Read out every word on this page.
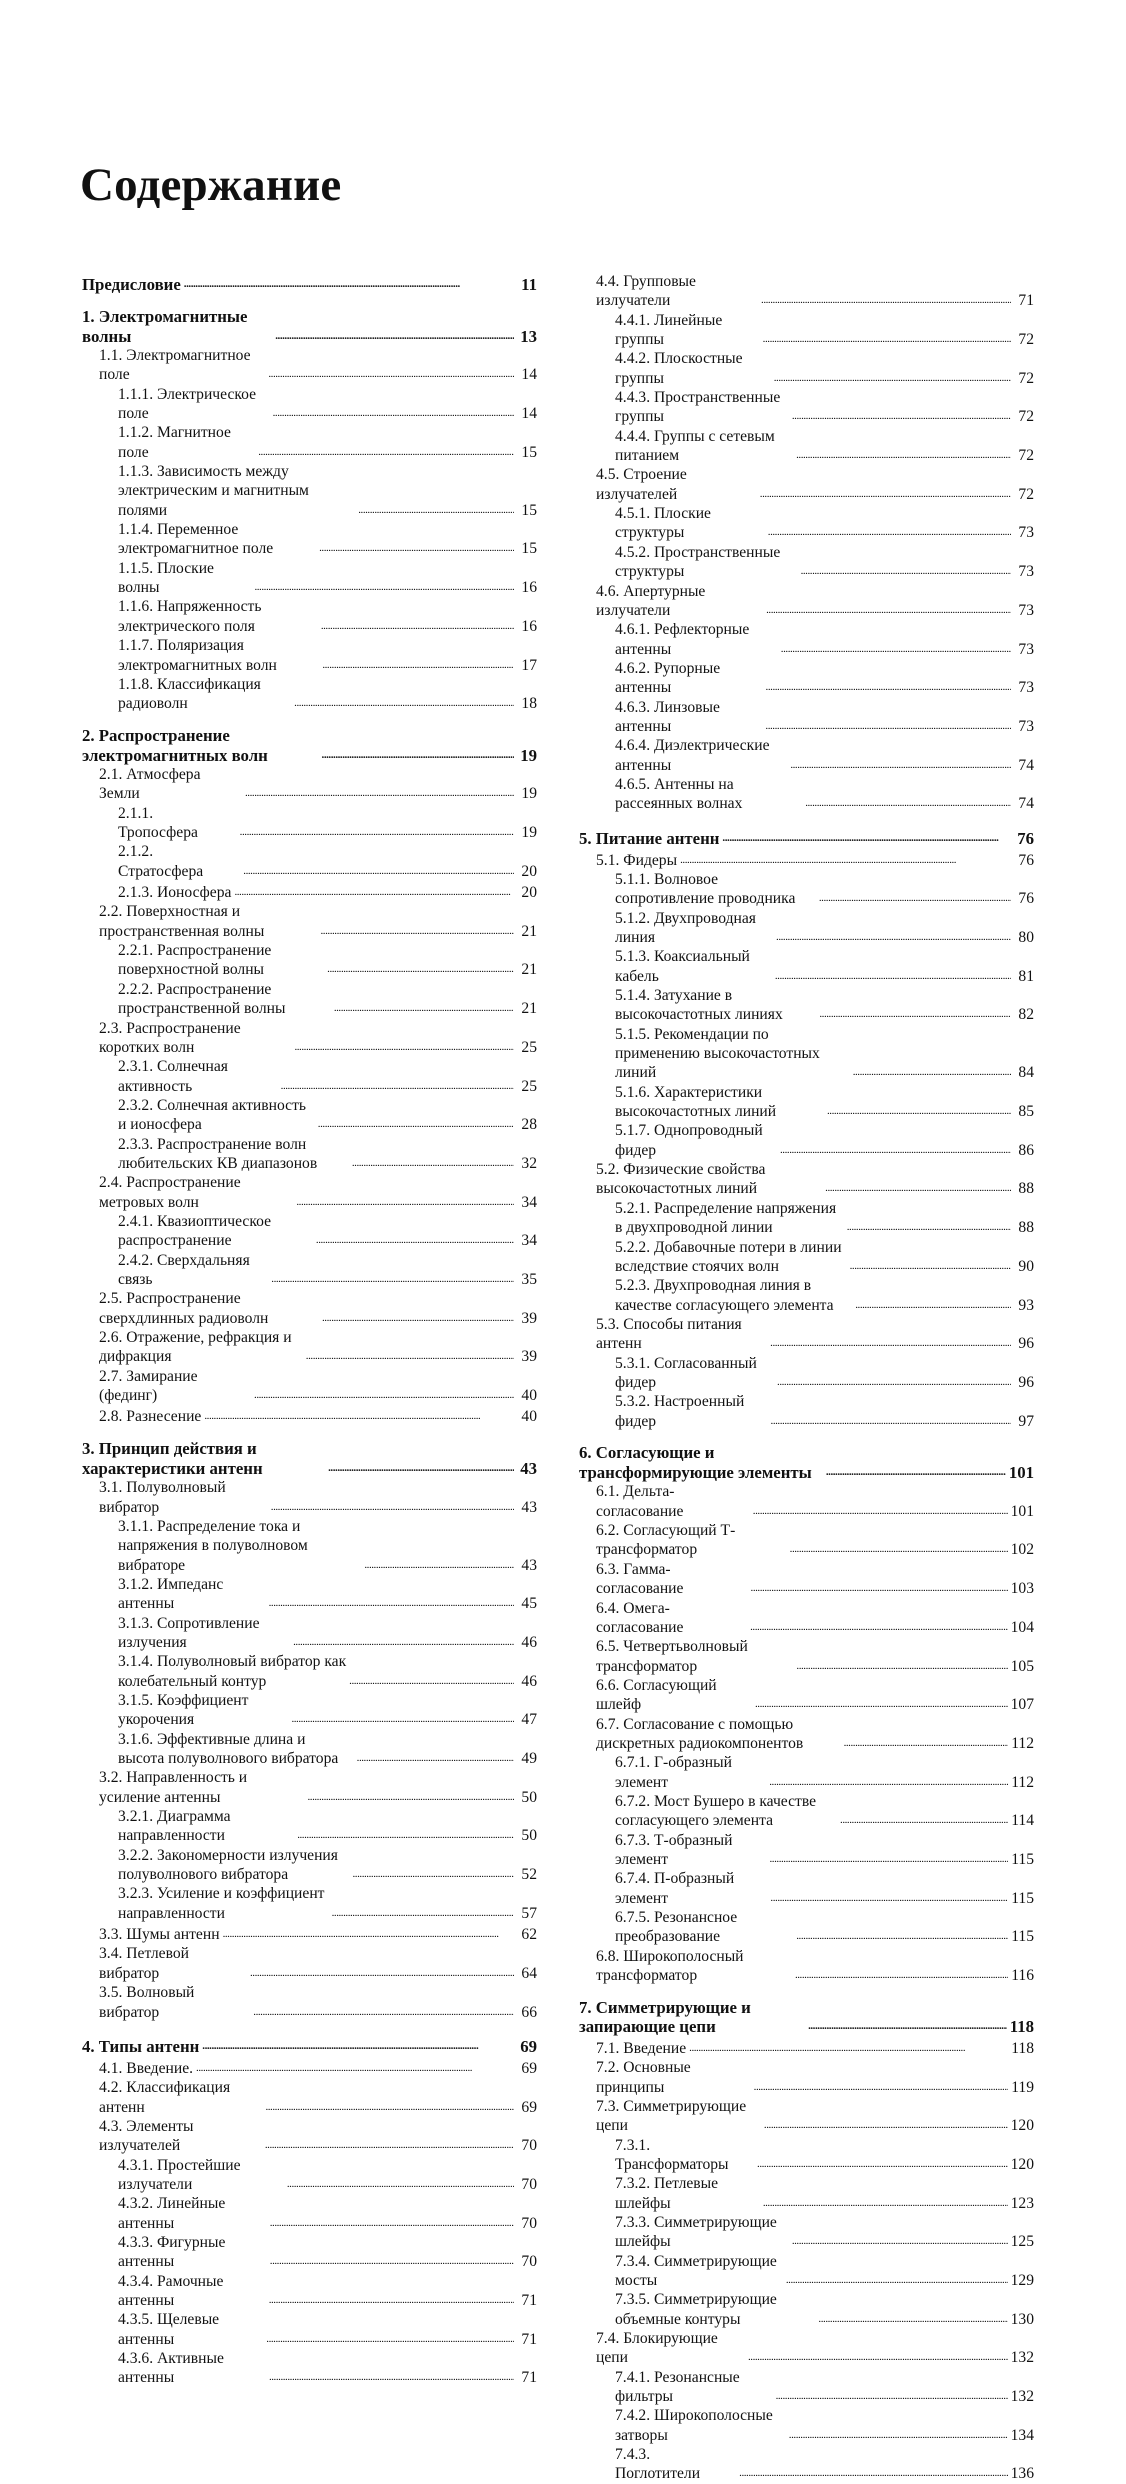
Содержание
Предисловие . . .	11
1. Электромагнитные волны . . .	13
1.1. Электромагнитное поле . . .	14
1.1.1. Электрическое поле . . .	14
1.1.2. Магнитное поле . . .	15
1.1.3. Зависимость между электрическим и магнитным полями . . .	15
1.1.4. Переменное электромагнитное поле . . .	15
1.1.5. Плоские волны . . .	16
1.1.6. Напряженность электрического поля . . .	16
1.1.7. Поляризация электромагнитных волн . . .	17
1.1.8. Классификация радиоволн . . .	18
2. Распространение электромагнитных волн . . .	19
2.1. Атмосфера Земли . . .	19
2.1.1. Тропосфера . . .	19
2.1.2. Стратосфера . . .	20
2.1.3. Ионосфера . . .	20
2.2. Поверхностная и пространственная волны . . .	21
2.2.1. Распространение поверхностной волны . . .	21
2.2.2. Распространение пространственной волны . . .	21
2.3. Распространение коротких волн . . .	25
2.3.1. Солнечная активность . . .	25
2.3.2. Солнечная активность и ионосфера . . .	28
2.3.3. Распространение волн любительских КВ диапазонов . . .	32
2.4. Распространение метровых волн . . .	34
2.4.1. Квазиоптическое распространение . . .	34
2.4.2. Сверхдальняя связь . . .	35
2.5. Распространение сверхдлинных радиоволн . . .	39
2.6. Отражение, рефракция и дифракция . . .	39
2.7. Замирание (фединг) . . .	40
2.8. Разнесение . . .	40
3. Принцип действия и характеристики антенн . . .	43
3.1. Полуволновый вибратор . . .	43
3.1.1. Распределение тока и напряжения в полуволновом вибраторе . . .	43
3.1.2. Импеданс антенны . . .	45
3.1.3. Сопротивление излучения . . .	46
3.1.4. Полуволновый вибратор как колебательный контур . . .	46
3.1.5. Коэффициент укорочения . . .	47
3.1.6. Эффективные длина и высота полуволнового вибратора . . .	49
3.2. Направленность и усиление антенны . . .	50
3.2.1. Диаграмма направленности . . .	50
3.2.2. Закономерности излучения полуволнового вибратора . . .	52
3.2.3. Усиление и коэффициент направленности . . .	57
3.3. Шумы антенн . . .	62
3.4. Петлевой вибратор . . .	64
3.5. Волновый вибратор . . .	66
4. Типы антенн . . .	69
4.1. Введение. . . .	69
4.2. Классификация антенн . . .	69
4.3. Элементы излучателей . . .	70
4.3.1. Простейшие излучатели . . .	70
4.3.2. Линейные антенны . . .	70
4.3.3. Фигурные антенны . . .	70
4.3.4. Рамочные антенны . . .	71
4.3.5. Щелевые антенны . . .	71
4.3.6. Активные антенны . . .	71
4.4. Групповые излучатели . . .	71
4.4.1. Линейные группы . . .	72
4.4.2. Плоскостные группы . . .	72
4.4.3. Пространственные группы . . .	72
4.4.4. Группы с сетевым питанием . . .	72
4.5. Строение излучателей . . .	72
4.5.1. Плоские структуры . . .	73
4.5.2. Пространственные структуры . . .	73
4.6. Апертурные излучатели . . .	73
4.6.1. Рефлекторные антенны . . .	73
4.6.2. Рупорные антенны . . .	73
4.6.3. Линзовые антенны . . .	73
4.6.4. Диэлектрические антенны . . .	74
4.6.5. Антенны на рассеянных волнах . . .	74
5. Питание антенн . . .	76
5.1. Фидеры . . .	76
5.1.1. Волновое сопротивление проводника . . .	76
5.1.2. Двухпроводная линия . . .	80
5.1.3. Коаксиальный кабель . . .	81
5.1.4. Затухание в высокочастотных линиях . . .	82
5.1.5. Рекомендации по применению высокочастотных линий . . .	84
5.1.6. Характеристики высокочастотных линий . . .	85
5.1.7. Однопроводный фидер . . .	86
5.2. Физические свойства высокочастотных линий . . .	88
5.2.1. Распределение напряжения в двухпроводной линии . . .	88
5.2.2. Добавочные потери в линии вследствие стоячих волн . . .	90
5.2.3. Двухпроводная линия в качестве согласующего элемента . . .	93
5.3. Способы питания антенн . . .	96
5.3.1. Согласованный фидер . . .	96
5.3.2. Настроенный фидер . . .	97
6. Согласующие и трансформирующие элементы . . .	101
6.1. Дельта-согласование . . .	101
6.2. Согласующий Т-трансформатор . . .	102
6.3. Гамма-согласование . . .	103
6.4. Омега-согласование . . .	104
6.5. Четвертьволновый трансформатор . . .	105
6.6. Согласующий шлейф . . .	107
6.7. Согласование с помощью дискретных радиокомпонентов . . .	112
6.7.1. Г-образный элемент . . .	112
6.7.2. Мост Бушеро в качестве согласующего элемента . . .	114
6.7.3. Т-образный элемент . . .	115
6.7.4. П-образный элемент . . .	115
6.7.5. Резонансное преобразование . . .	115
6.8. Широкополосный трансформатор . . .	116
7. Симметрирующие и запирающие цепи . . .	118
7.1. Введение . . .	118
7.2. Основные принципы . . .	119
7.3. Симметрирующие цепи . . .	120
7.3.1. Трансформаторы . . .	120
7.3.2. Петлевые шлейфы . . .	123
7.3.3. Симметрирующие шлейфы . . .	125
7.3.4. Симметрирующие мосты . . .	129
7.3.5. Симметрирующие объемные контуры . . .	130
7.4. Блокирующие цепи . . .	132
7.4.1. Резонансные фильтры . . .	132
7.4.2. Широкополосные затворы . . .	134
7.4.3. Поглотители . . .	136
